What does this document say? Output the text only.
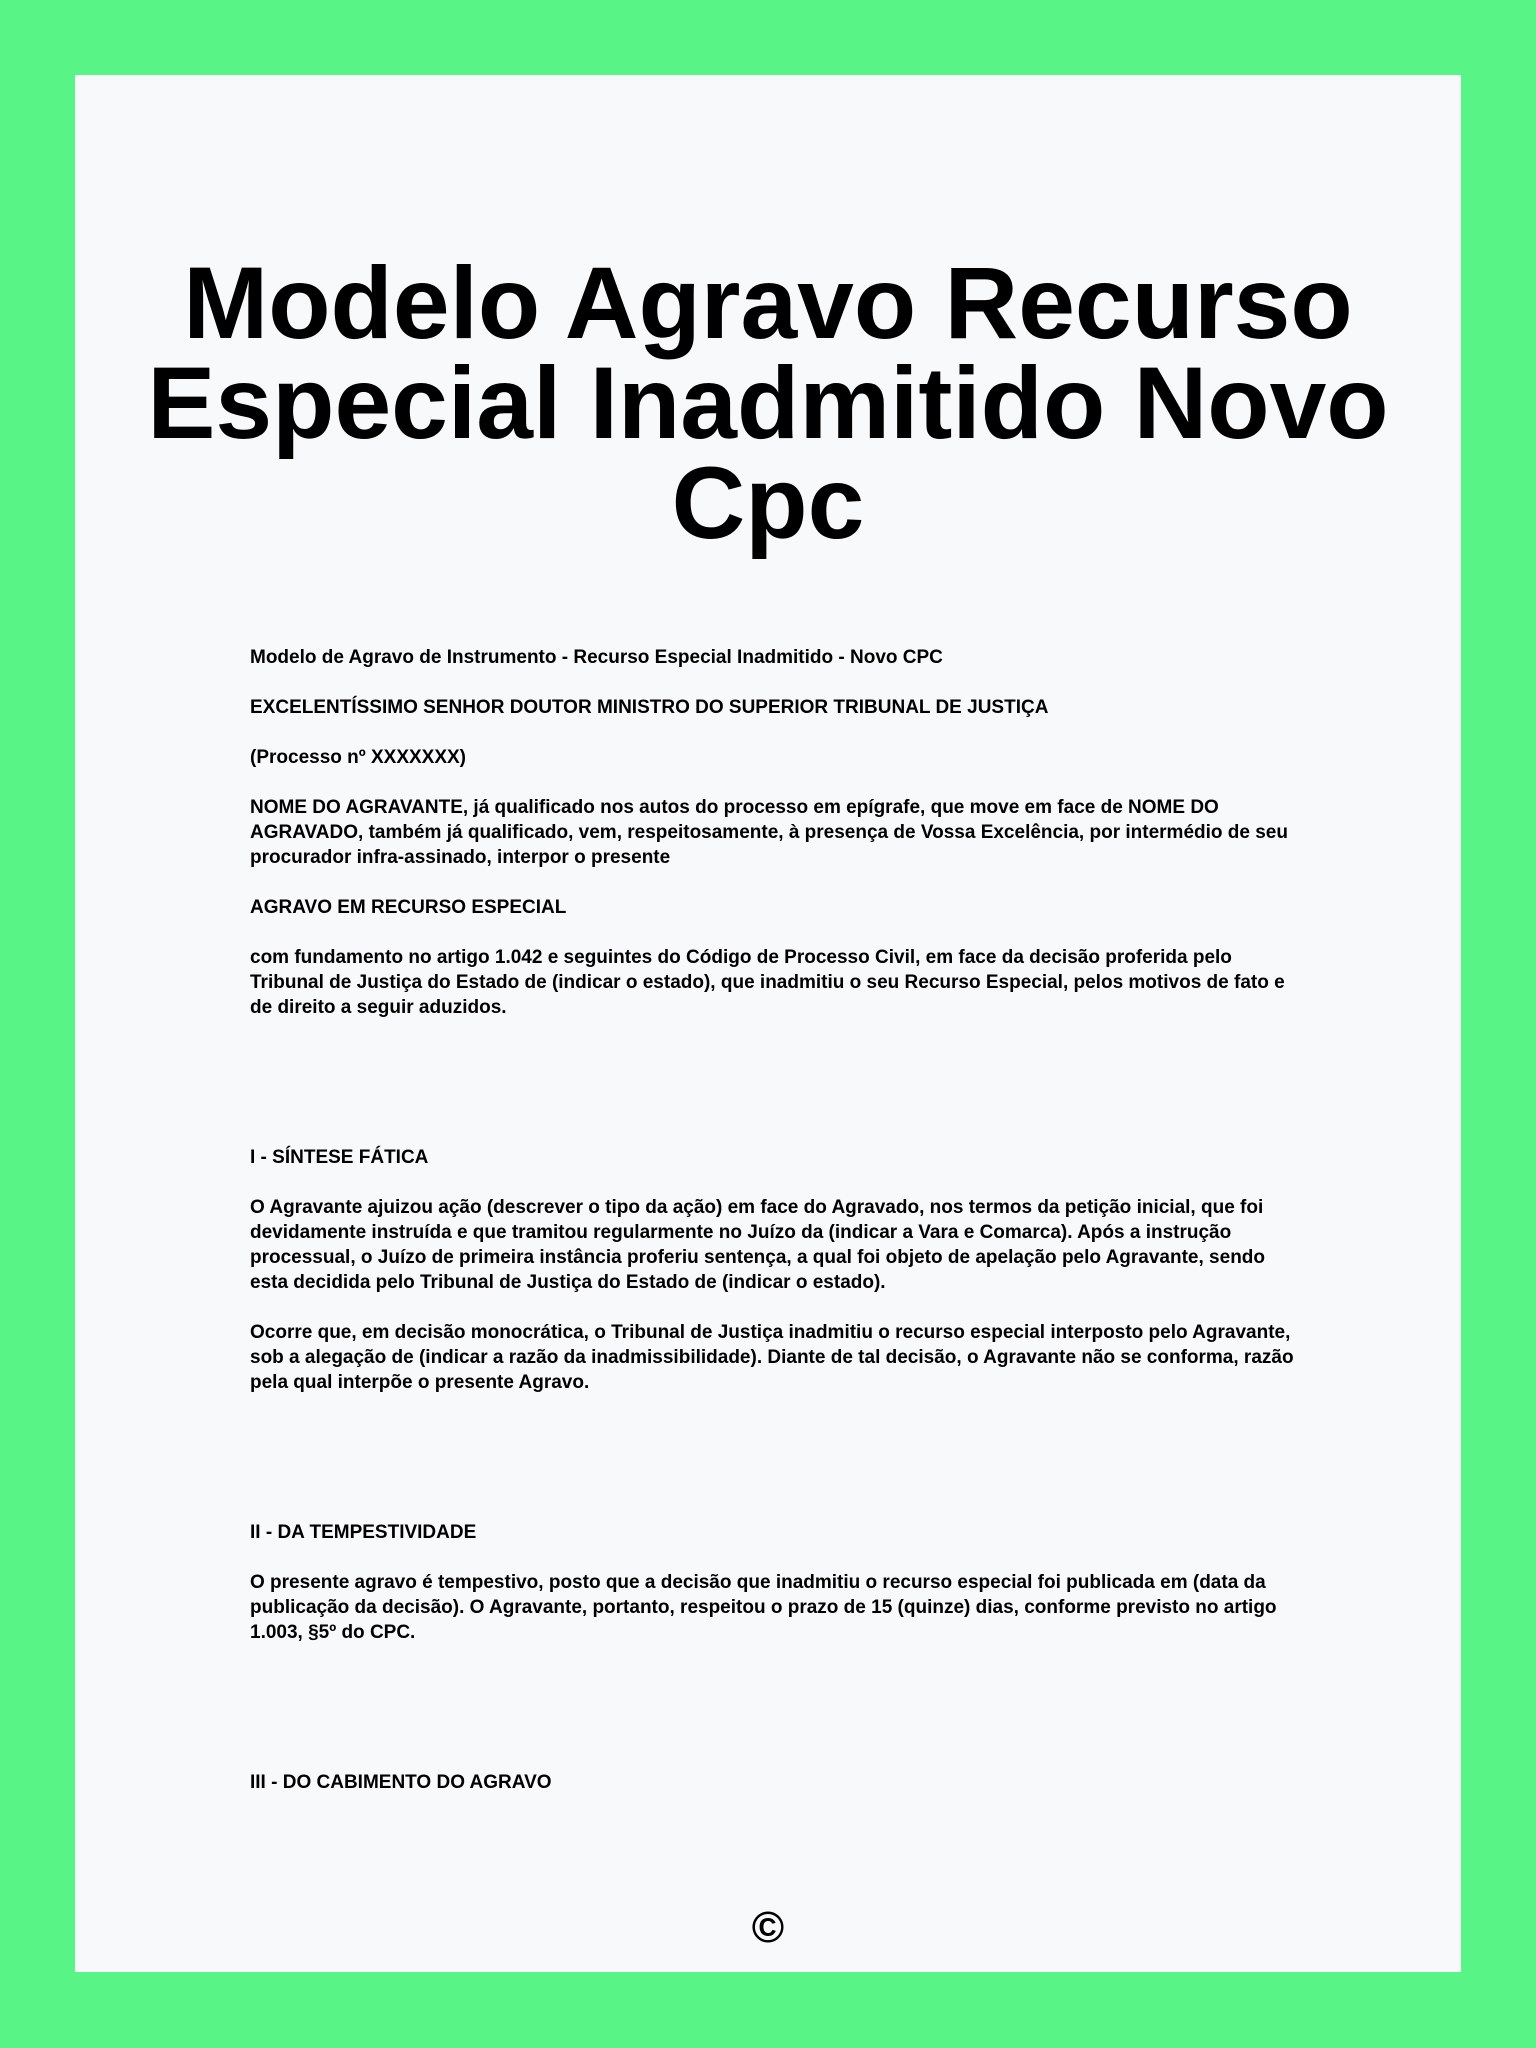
Modelo Agravo Recurso
Especial Inadmitido Novo
Cpc

Modelo de Agravo de Instrumento - Recurso Especial Inadmitido - Novo CPC

EXCELENTÍSSIMO SENHOR DOUTOR MINISTRO DO SUPERIOR TRIBUNAL DE JUSTIÇA

(Processo nº XXXXXXX)

NOME DO AGRAVANTE, já qualificado nos autos do processo em epígrafe, que move em face de NOME DO AGRAVADO, também já qualificado, vem, respeitosamente, à presença de Vossa Excelência, por intermédio de seu procurador infra-assinado, interpor o presente

AGRAVO EM RECURSO ESPECIAL

com fundamento no artigo 1.042 e seguintes do Código de Processo Civil, em face da decisão proferida pelo Tribunal de Justiça do Estado de (indicar o estado), que inadmitiu o seu Recurso Especial, pelos motivos de fato e de direito a seguir aduzidos.

I - SÍNTESE FÁTICA

O Agravante ajuizou ação (descrever o tipo da ação) em face do Agravado, nos termos da petição inicial, que foi devidamente instruída e que tramitou regularmente no Juízo da (indicar a Vara e Comarca). Após a instrução processual, o Juízo de primeira instância proferiu sentença, a qual foi objeto de apelação pelo Agravante, sendo esta decidida pelo Tribunal de Justiça do Estado de (indicar o estado).

Ocorre que, em decisão monocrática, o Tribunal de Justiça inadmitiu o recurso especial interposto pelo Agravante, sob a alegação de (indicar a razão da inadmissibilidade). Diante de tal decisão, o Agravante não se conforma, razão pela qual interpõe o presente Agravo.

II - DA TEMPESTIVIDADE

O presente agravo é tempestivo, posto que a decisão que inadmitiu o recurso especial foi publicada em (data da publicação da decisão). O Agravante, portanto, respeitou o prazo de 15 (quinze) dias, conforme previsto no artigo 1.003, §5º do CPC.

III - DO CABIMENTO DO AGRAVO

©
